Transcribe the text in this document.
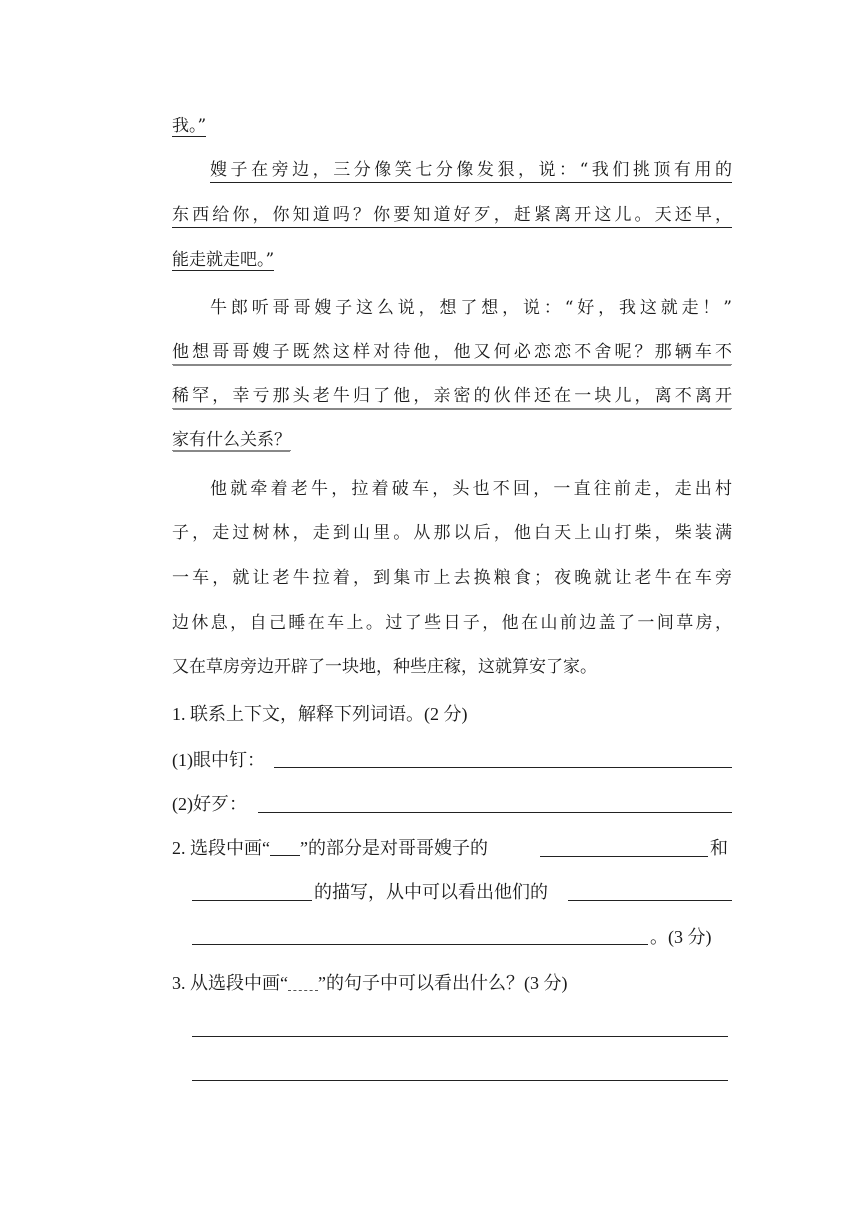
我。”
嫂子在旁边，三分像笑七分像发狠，说：“我们挑顶有用的
东西给你，你知道吗？你要知道好歹，赶紧离开这儿。天还早，
能走就走吧。”
牛郎听哥哥嫂子这么说，想了想，说：“好，我这就走！”
他想哥哥嫂子既然这样对待他，他又何必恋恋不舍呢？那辆车不
稀罕，幸亏那头老牛归了他，亲密的伙伴还在一块儿，离不离开
家有什么关系？
他就牵着老牛，拉着破车，头也不回，一直往前走，走出村
子，走过树林，走到山里。从那以后，他白天上山打柴，柴装满
一车，就让老牛拉着，到集市上去换粮食；夜晚就让老牛在车旁
边休息，自己睡在车上。过了些日子，他在山前边盖了一间草房，
又在草房旁边开辟了一块地，种些庄稼，这就算安了家。
1. 联系上下文，解释下列词语。(2 分)
(1)眼中钉：
(2)好歹：
2. 选段中画“ ”的部分是对哥哥嫂子的	和
的描写，从中可以看出他们的
。(3 分)
3. 从选段中画“ ”的句子中可以看出什么？(3 分)
